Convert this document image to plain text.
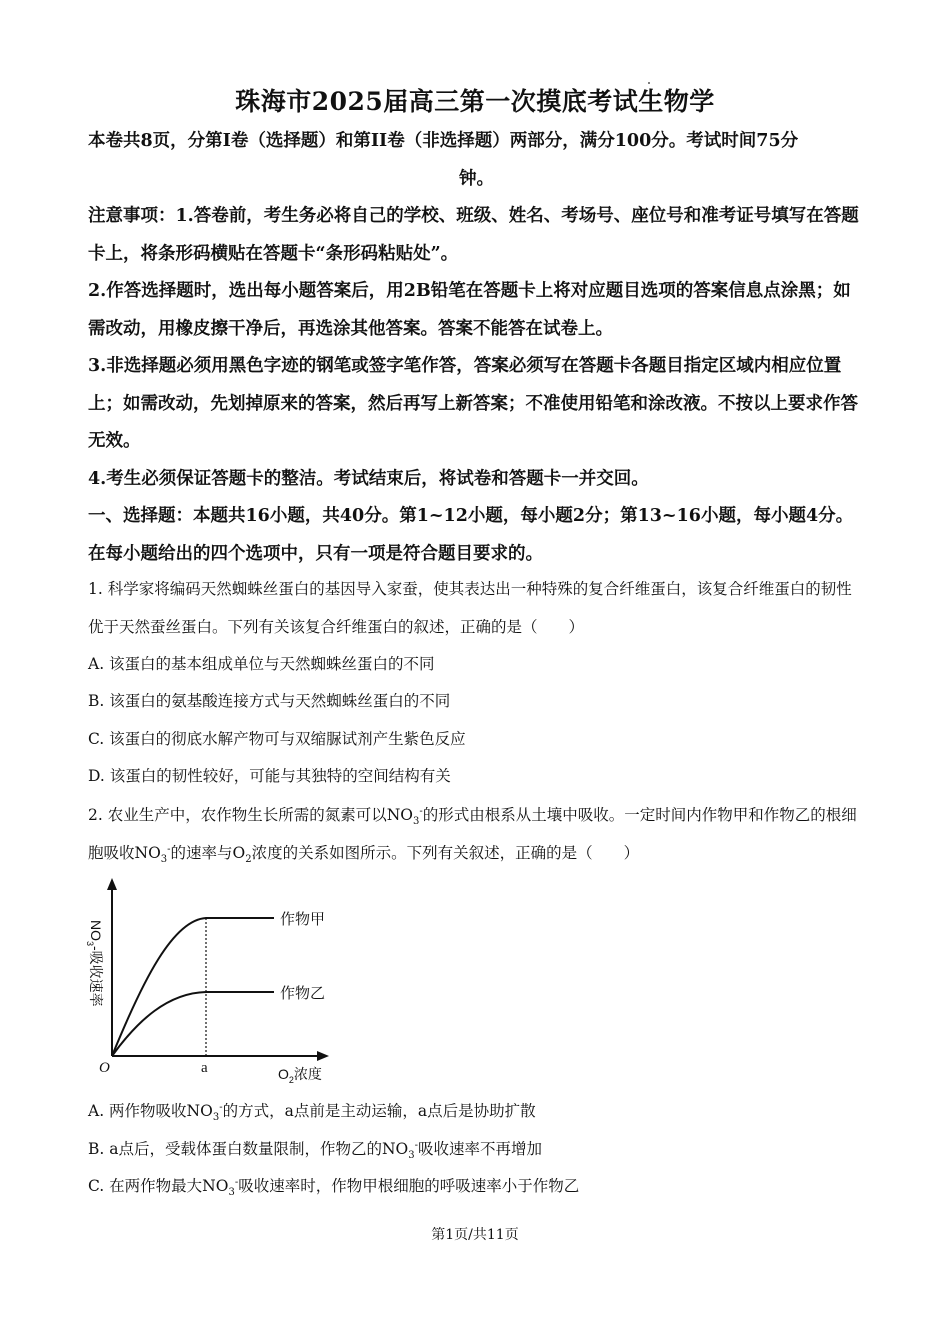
珠海市2025届高三第一次摸底考试生物学
本卷共8页，分第I卷（选择题）和第II卷（非选择题）两部分，满分100分。考试时间75分
钟。
注意事项：1.答卷前，考生务必将自己的学校、班级、姓名、考场号、座位号和准考证号填写在答题卡上，将条形码横贴在答题卡“条形码粘贴处”。
2.作答选择题时，选出每小题答案后，用2B铅笔在答题卡上将对应题目选项的答案信息点涂黑；如需改动，用橡皮擦干净后，再选涂其他答案。答案不能答在试卷上。
3.非选择题必须用黑色字迹的钢笔或签字笔作答，答案必须写在答题卡各题目指定区域内相应位置上；如需改动，先划掉原来的答案，然后再写上新答案；不准使用铅笔和涂改液。不按以上要求作答无效。
4.考生必须保证答题卡的整洁。考试结束后，将试卷和答题卡一并交回。
一、选择题：本题共16小题，共40分。第1~12小题，每小题2分；第13~16小题，每小题4分。在每小题给出的四个选项中，只有一项是符合题目要求的。
1. 科学家将编码天然蜘蛛丝蛋白的基因导入家蚕，使其表达出一种特殊的复合纤维蛋白，该复合纤维蛋白的韧性优于天然蚕丝蛋白。下列有关该复合纤维蛋白的叙述，正确的是（　　）
A. 该蛋白的基本组成单位与天然蜘蛛丝蛋白的不同
B. 该蛋白的氨基酸连接方式与天然蜘蛛丝蛋白的不同
C. 该蛋白的彻底水解产物可与双缩脲试剂产生紫色反应
D. 该蛋白的韧性较好，可能与其独特的空间结构有关
2. 农业生产中，农作物生长所需的氮素可以$NO_3^-$的形式由根系从土壤中吸收。一定时间内作物甲和作物乙的根细胞吸收$NO_3^-$的速率与$O_2$浓度的关系如图所示。下列有关叙述，正确的是（　　）
作物甲
作物乙
O	a	$O_2$浓度
$NO_3-$吸收速率
A. 两作物吸收$NO_3^-$的方式，a点前是主动运输，a点后是协助扩散
B. a点后，受载体蛋白数量限制，作物乙的$NO_3^-$吸收速率不再增加
C. 在两作物最大$NO_3^-$吸收速率时，作物甲根细胞的呼吸速率小于作物乙
第1页/共11页
